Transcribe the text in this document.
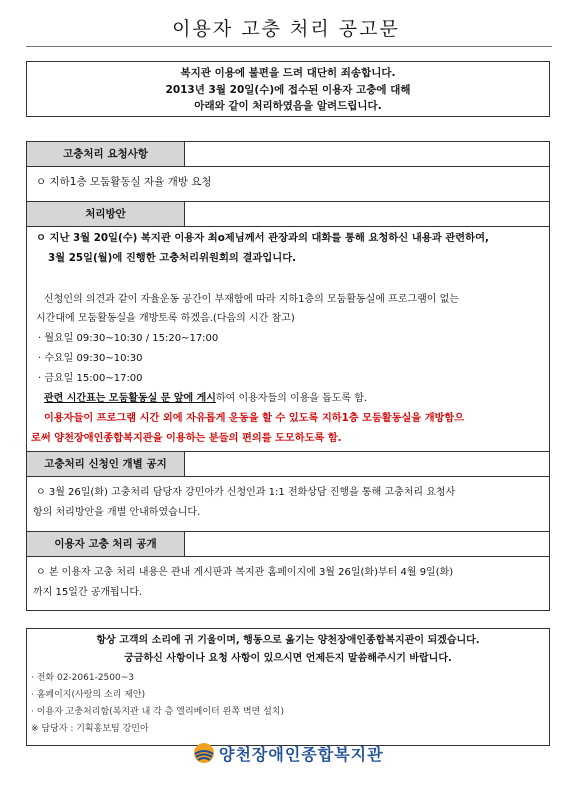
이용자 고충 처리 공고문
복지관 이용에 불편을 드려 대단히 죄송합니다.
2013년 3월 20일(수)에 접수된 이용자 고충에 대해
아래와 같이 처리하였음을 알려드립니다.
고충처리 요청사항
ㅇ 지하1층 모둠활동실 자율 개방 요청
처리방안
ㅇ 지난 3월 20일(수) 복지관 이용자 최o제님께서 관장과의 대화를 통해 요청하신 내용과 관련하여,
3월 25일(월)에 진행한 고충처리위원회의 결과입니다.
신청인의 의견과 같이 자율운동 공간이 부재함에 따라 지하1층의 모둠활동실에 프로그램이 없는
시간대에 모둠활동실을 개방토록 하겠음.(다음의 시간 참고)
· 월요일 09:30~10:30 / 15:20~17:00
· 수요일 09:30~10:30
· 금요일 15:00~17:00
관련 시간표는 모둠활동실 문 앞에 게시하여 이용자들의 이용을 돕도록 함.
이용자들이 프로그램 시간 외에 자유롭게 운동을 할 수 있도록 지하1층 모둠활동실을 개방함으
로써 양천장애인종합복지관을 이용하는 분들의 편의를 도모하도록 함.
고충처리 신청인 개별 공지
ㅇ 3월 26일(화) 고충처리 담당자 강민아가 신청인과 1:1 전화상담 진행을 통해 고충처리 요청사
항의 처리방안을 개별 안내하였습니다.
이용자 고충 처리 공개
ㅇ 본 이용자 고충 처리 내용은 관내 게시판과 복지관 홈페이지에 3월 26일(화)부터 4월 9일(화)
까지 15일간 공개됩니다.
항상 고객의 소리에 귀 기울이며, 행동으로 옮기는 양천장애인종합복지관이 되겠습니다.
궁금하신 사항이나 요청 사항이 있으시면 언제든지 말씀해주시기 바랍니다.
· 전화 02-2061-2500~3
· 홈페이지(사랑의 소리 제안)
· 이용자 고충처리함(복지관 내 각 층 엘리베이터 왼쪽 벽면 설치)
※ 담당자 : 기획홍보팀 강민아
양천장애인종합복지관
